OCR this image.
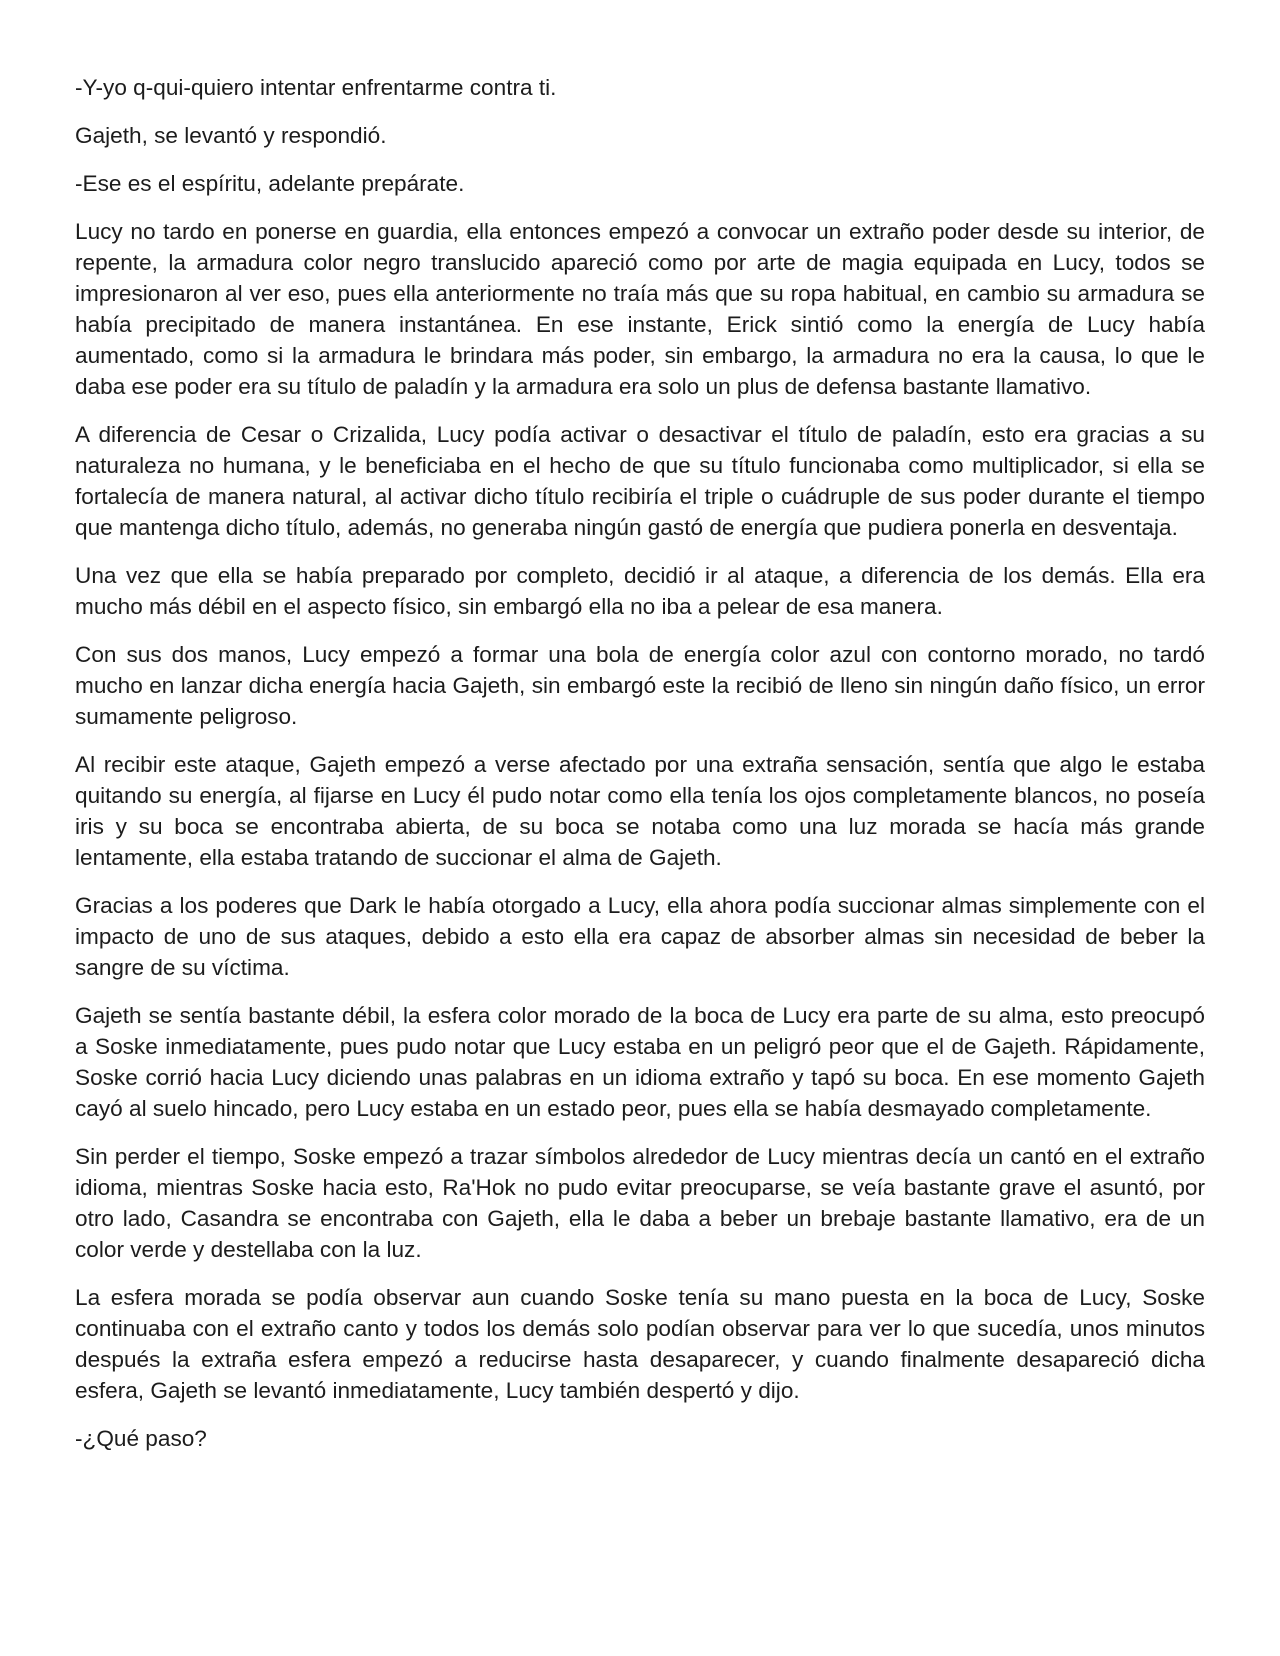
-Y-yo q-qui-quiero intentar enfrentarme contra ti.

Gajeth, se levantó y respondió.

-Ese es el espíritu, adelante prepárate.

Lucy no tardo en ponerse en guardia, ella entonces empezó a convocar un extraño poder desde su interior, de repente, la armadura color negro translucido apareció como por arte de magia equipada en Lucy, todos se impresionaron al ver eso, pues ella anteriormente no traía más que su ropa habitual, en cambio su armadura se había precipitado de manera instantánea. En ese instante, Erick sintió como la energía de Lucy había aumentado, como si la armadura le brindara más poder, sin embargo, la armadura no era la causa, lo que le daba ese poder era su título de paladín y la armadura era solo un plus de defensa bastante llamativo.

A diferencia de Cesar o Crizalida, Lucy podía activar o desactivar el título de paladín, esto era gracias a su naturaleza no humana, y le beneficiaba en el hecho de que su título funcionaba como multiplicador, si ella se fortalecía de manera natural, al activar dicho título recibiría el triple o cuádruple de sus poder durante el tiempo que mantenga dicho título, además, no generaba ningún gastó de energía que pudiera ponerla en desventaja.

Una vez que ella se había preparado por completo, decidió ir al ataque, a diferencia de los demás. Ella era mucho más débil en el aspecto físico, sin embargó ella no iba a pelear de esa manera.

Con sus dos manos, Lucy empezó a formar una bola de energía color azul con contorno morado, no tardó mucho en lanzar dicha energía hacia Gajeth, sin embargó este la recibió de lleno sin ningún daño físico, un error sumamente peligroso.

Al recibir este ataque, Gajeth empezó a verse afectado por una extraña sensación, sentía que algo le estaba quitando su energía, al fijarse en Lucy él pudo notar como ella tenía los ojos completamente blancos, no poseía iris y su boca se encontraba abierta, de su boca se notaba como una luz morada se hacía más grande lentamente, ella estaba tratando de succionar el alma de Gajeth.

Gracias a los poderes que Dark le había otorgado a Lucy, ella ahora podía succionar almas simplemente con el impacto de uno de sus ataques, debido a esto ella era capaz de absorber almas sin necesidad de beber la sangre de su víctima.

Gajeth se sentía bastante débil, la esfera color morado de la boca de Lucy era parte de su alma, esto preocupó a Soske inmediatamente, pues pudo notar que Lucy estaba en un peligró peor que el de Gajeth. Rápidamente, Soske corrió hacia Lucy diciendo unas palabras en un idioma extraño y tapó su boca. En ese momento Gajeth cayó al suelo hincado, pero Lucy estaba en un estado peor, pues ella se había desmayado completamente.

Sin perder el tiempo, Soske empezó a trazar símbolos alrededor de Lucy mientras decía un cantó en el extraño idioma, mientras Soske hacia esto, Ra'Hok no pudo evitar preocuparse, se veía bastante grave el asuntó, por otro lado, Casandra se encontraba con Gajeth, ella le daba a beber un brebaje bastante llamativo, era de un color verde y destellaba con la luz.

La esfera morada se podía observar aun cuando Soske tenía su mano puesta en la boca de Lucy, Soske continuaba con el extraño canto y todos los demás solo podían observar para ver lo que sucedía, unos minutos después la extraña esfera empezó a reducirse hasta desaparecer, y cuando finalmente desapareció dicha esfera, Gajeth se levantó inmediatamente, Lucy también despertó y dijo.

-¿Qué paso?
